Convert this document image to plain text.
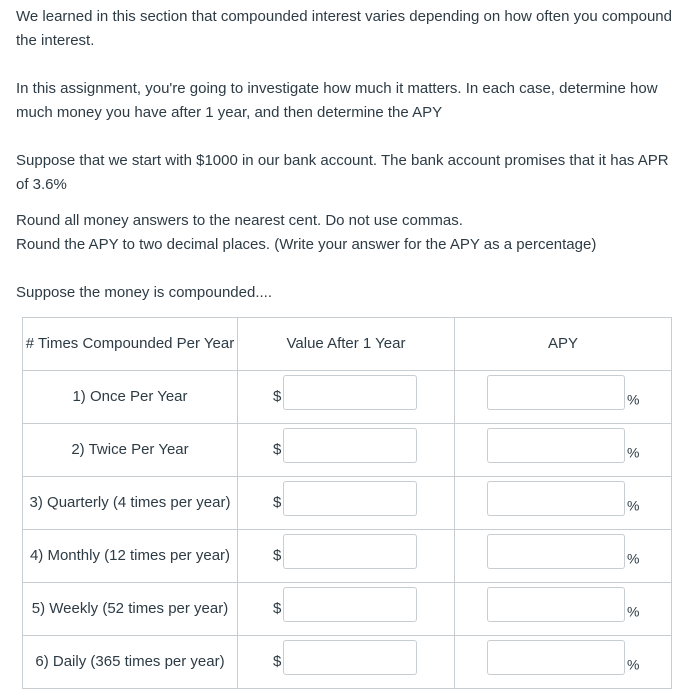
We learned in this section that compounded interest varies depending on how often you compound the interest.

In this assignment, you're going to investigate how much it matters. In each case, determine how much money you have after 1 year, and then determine the APY

Suppose that we start with $1000 in our bank account. The bank account promises that it has APR of 3.6%

Round all money answers to the nearest cent. Do not use commas.
Round the APY to two decimal places. (Write your answer for the APY as a percentage)

Suppose the money is compounded....

# Times Compounded Per Year	Value After 1 Year	APY
1) Once Per Year	$	%

2) Twice Per Year	$	%

3) Quarterly (4 times per year)	$	%

4) Monthly (12 times per year)	$	%

5) Weekly (52 times per year)	$	%

6) Daily (365 times per year)	$	%
